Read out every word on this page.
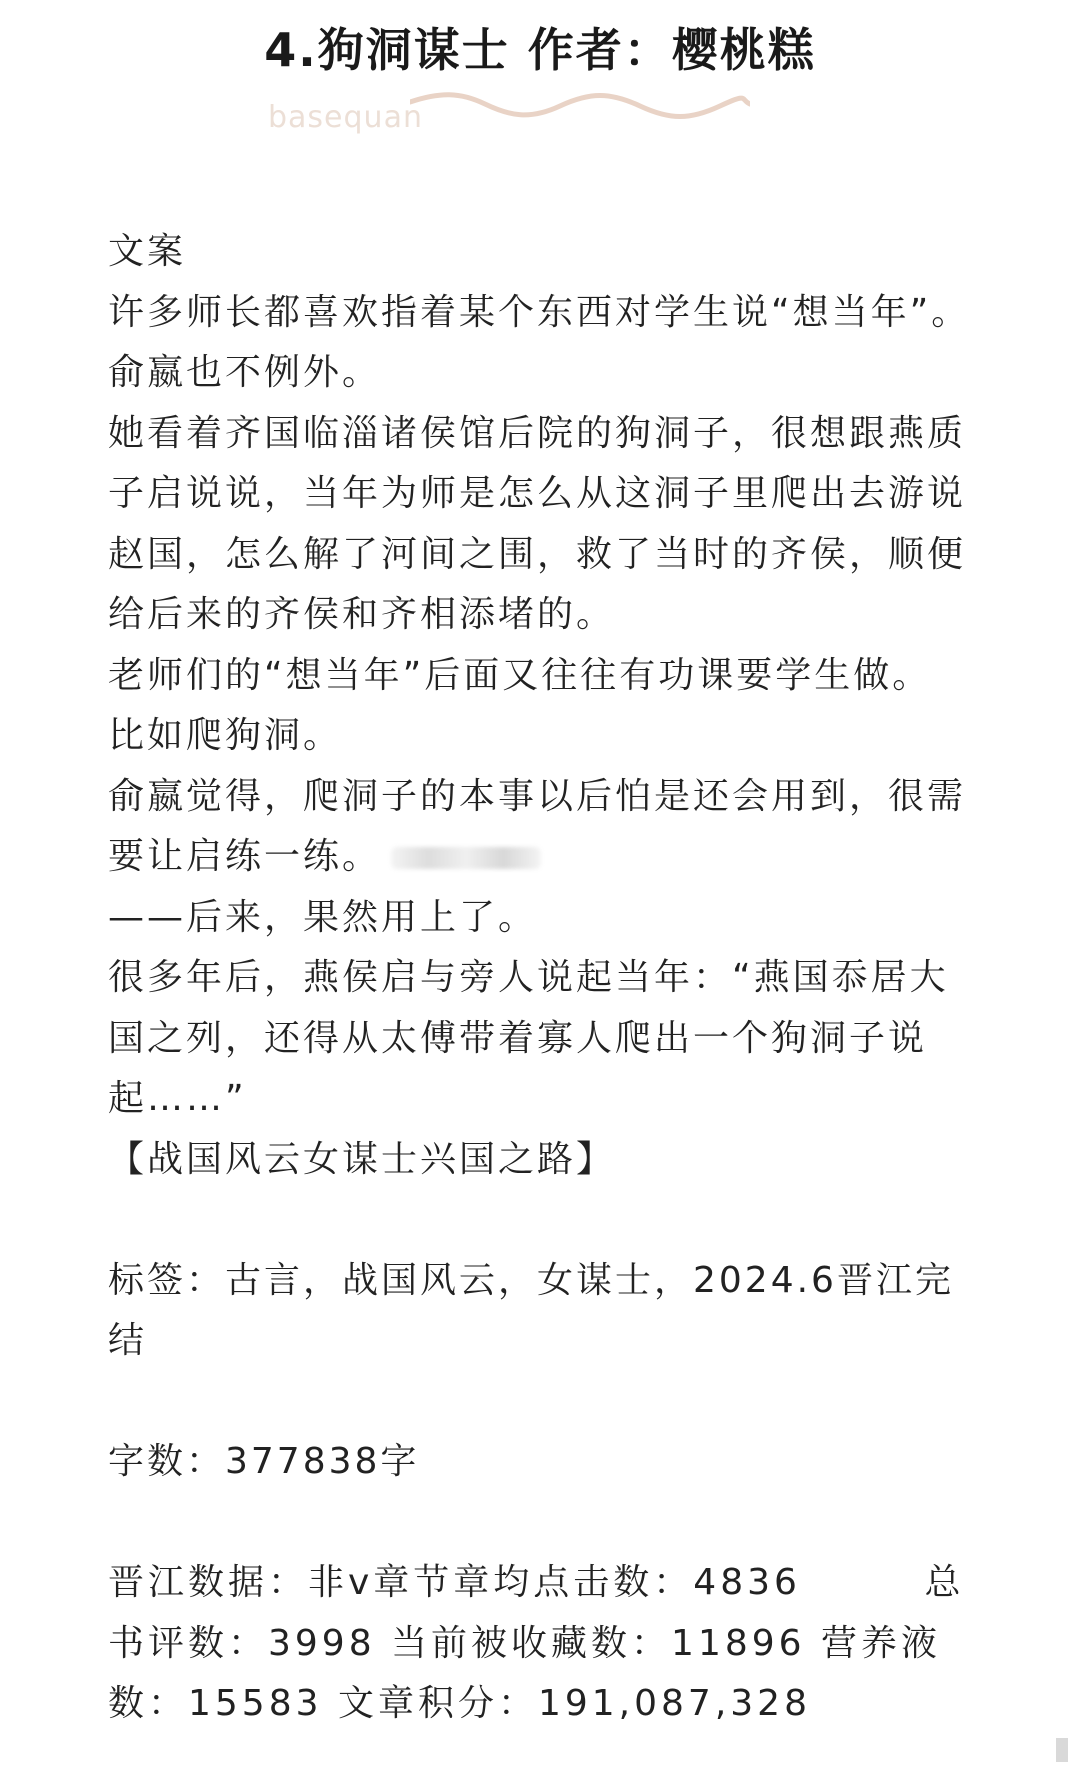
4.狗洞谋士 作者：樱桃糕
basequan

文案

许多师长都喜欢指着某个东西对学生说“想当年”。

俞嬴也不例外。

她看着齐国临淄诸侯馆后院的狗洞子，很想跟燕质子启说说，当年为师是怎么从这洞子里爬出去游说赵国，怎么解了河间之围，救了当时的齐侯，顺便给后来的齐侯和齐相添堵的。

老师们的“想当年”后面又往往有功课要学生做。

比如爬狗洞。

俞嬴觉得，爬洞子的本事以后怕是还会用到，很需要让启练一练。

——后来，果然用上了。

很多年后，燕侯启与旁人说起当年：“燕国忝居大国之列，还得从太傅带着寡人爬出一个狗洞子说起……”

【战国风云女谋士兴国之路】

标签：古言，战国风云，女谋士，2024.6晋江完结

字数：377838字

晋江数据：非v章节章均点击数：4836        总书评数：3998 当前被收藏数：11896 营养液数：15583 文章积分：191,087,328
